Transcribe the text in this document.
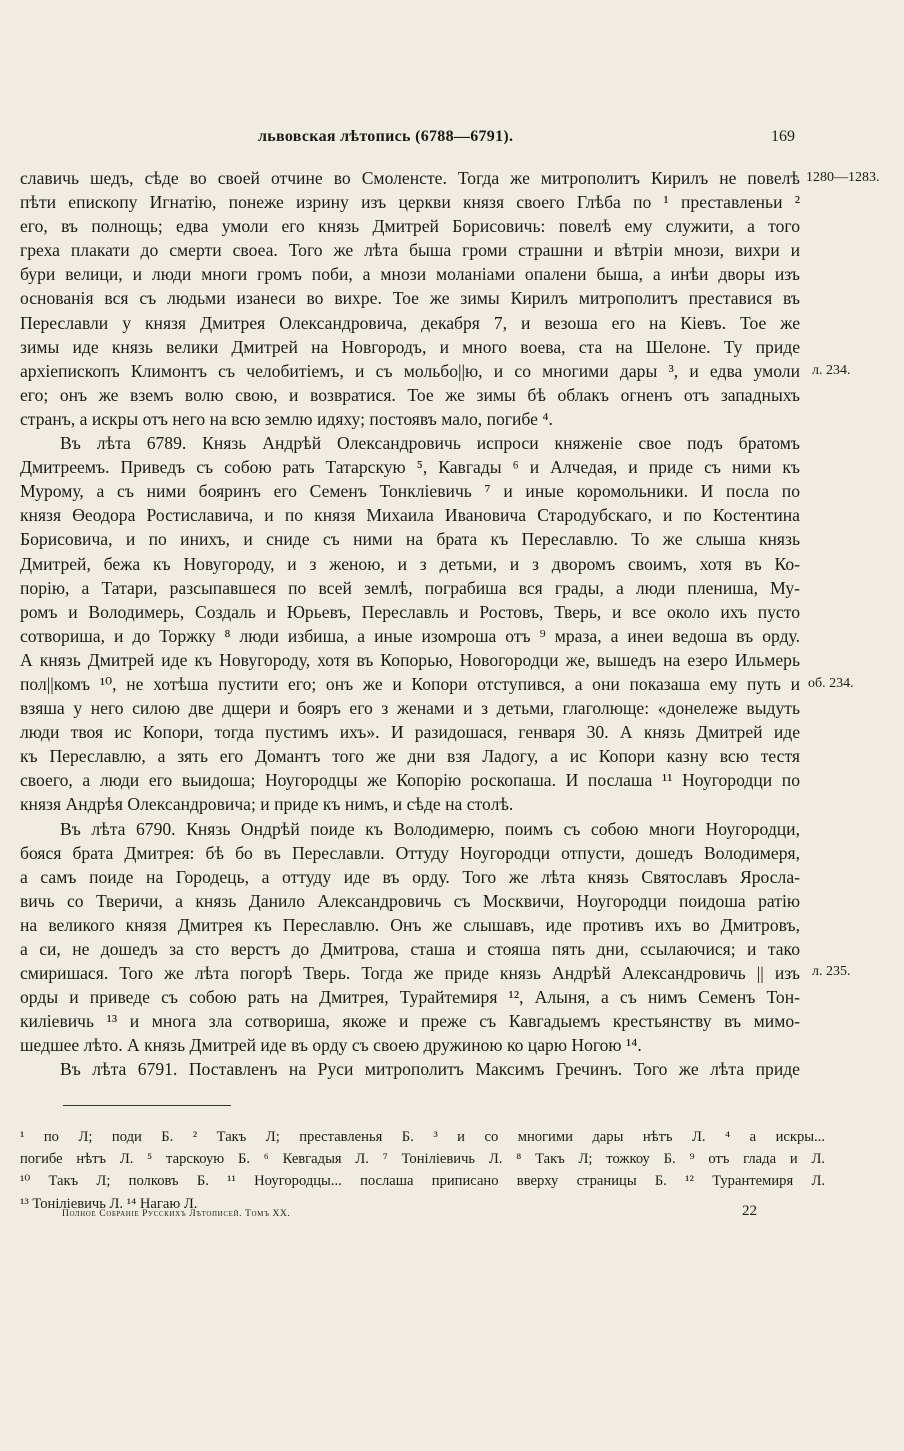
львовская лѣтопись (6788—6791).	169
1280—1283.
л. 234.
об. 234.
л. 235.
славичь шедъ, сѣде во своей отчине во Смоленсте. Тогда же митрополитъ Кирилъ не повелѣ
пѣти епископу Игнатію, понеже изрину изъ церкви князя своего Глѣба по ¹ преставленьи ²
его, въ полнощь; едва умоли его князь Дмитрей Борисовичь: повелѣ ему служити, а того
греха плакати до смерти своеа. Того же лѣта быша громи страшни и вѣтріи мнози, вихри и
бури велици, и люди многи громъ поби, а мнози моланіами опалени быша, а инѣи дворы изъ
основанія вся съ людьми изанеси во вихре. Тое же зимы Кирилъ митрополитъ преставися въ
Переславли у князя Дмитрея Олександровича, декабря 7, и везоша его на Кіевъ. Тое же
зимы иде князь велики Дмитрей на Новгородъ, и много воева, ста на Шелоне. Ту приде
архіепископъ Климонтъ съ челобитіемъ, и съ мольбо||ю, и со многими дары ³, и едва умоли
его; онъ же вземъ волю свою, и возвратися. Тое же зимы бѣ облакъ огненъ отъ западныхъ
странъ, а искры отъ него на всю землю идяху; постоявъ мало, погибе ⁴.
Въ лѣта 6789. Князь Андрѣй Олександровичь испроси княженіе свое подъ братомъ
Дмитреемъ. Приведъ съ собою рать Татарскую ⁵, Кавгады ⁶ и Алчедая, и приде съ ними къ
Мурому, а съ ними бояринъ его Семенъ Тонкліевичь ⁷ и иные коромольники. И посла по
князя Өеодора Ростиславича, и по князя Михаила Ивановича Стародубскаго, и по Костентина
Борисовича, и по инихъ, и сниде съ ними на брата къ Переславлю. То же слыша князь
Дмитрей, бежа къ Новугороду, и з женою, и з детьми, и з дворомъ своимъ, хотя въ Ко-
порію, а Татари, разсыпавшеся по всей землѣ, пограбиша вся грады, а люди плениша, Му-
ромъ и Володимерь, Создаль и Юрьевъ, Переславль и Ростовъ, Тверь, и все около ихъ пусто
сотвориша, и до Торжку ⁸ люди избиша, а иные изомроша отъ ⁹ мраза, а инеи ведоша въ орду.
А князь Дмитрей иде къ Новугороду, хотя въ Копорью, Новогородци же, вышедъ на езеро Ильмерь
пол||комъ ¹⁰, не хотѣша пустити его; онъ же и Копори отступився, а они показаша ему путь и
взяша у него силою две дщери и бояръ его з женами и з детьми, глаголюще: «донележе выдуть
люди твоя ис Копори, тогда пустимъ ихъ». И разидошася, генваря 30. А князь Дмитрей иде
къ Переславлю, а зять его Домантъ того же дни взя Ладогу, а ис Копори казну всю тестя
своего, а люди его выидоша; Ноугородцы же Копорію роскопаша. И послаша ¹¹ Ноугородци по
князя Андрѣя Олександровича; и приде къ нимъ, и сѣде на столѣ.
Въ лѣта 6790. Князь Ондрѣй поиде къ Володимерю, поимъ съ собою многи Ноугородци,
бояся брата Дмитрея: бѣ бо въ Переславли. Оттуду Ноугородци отпусти, дошедъ Володимеря,
а самъ поиде на Городець, а оттуду иде въ орду. Того же лѣта князь Святославъ Яросла-
вичь со Тверичи, а князь Данило Александровичь съ Москвичи, Ноугородци поидоша ратію
на великого князя Дмитрея къ Переславлю. Онъ же слышавъ, иде противъ ихъ во Дмитровъ,
а си, не дошедъ за сто верстъ до Дмитрова, сташа и стояша пять дни, ссылаючися; и тако
смиришася. Того же лѣта погорѣ Тверь. Тогда же приде князь Андрѣй Александровичь || изъ
орды и приведе съ собою рать на Дмитрея, Турайтемиря ¹², Алыня, а съ нимъ Семенъ Тон-
киліевичь ¹³ и многа зла сотвориша, якоже и преже съ Кавгадыемъ крестьянству въ мимо-
шедшее лѣто. А князь Дмитрей иде въ орду съ своею дружиною ко царю Ногою ¹⁴.
Въ лѣта 6791. Поставленъ на Руси митрополитъ Максимъ Гречинъ. Того же лѣта приде
¹ по Л; поди Б. ² Такъ Л; преставленья Б. ³ и со многими дары нѣтъ Л. ⁴ а искры...
погибе нѣтъ Л. ⁵ тарскоую Б. ⁶ Кевгадыя Л. ⁷ Тоніліевичь Л. ⁸ Такъ Л; тожкоу Б. ⁹ отъ глада и Л.
¹⁰ Такъ Л; полковъ Б. ¹¹ Ноугородцы... послаша приписано вверху страницы Б. ¹² Турантемиря Л.
¹³ Тоніліевичь Л. ¹⁴ Нагаю Л.
Полное Собраніе Русскихъ Лѣтописей. Томъ XX.	22
